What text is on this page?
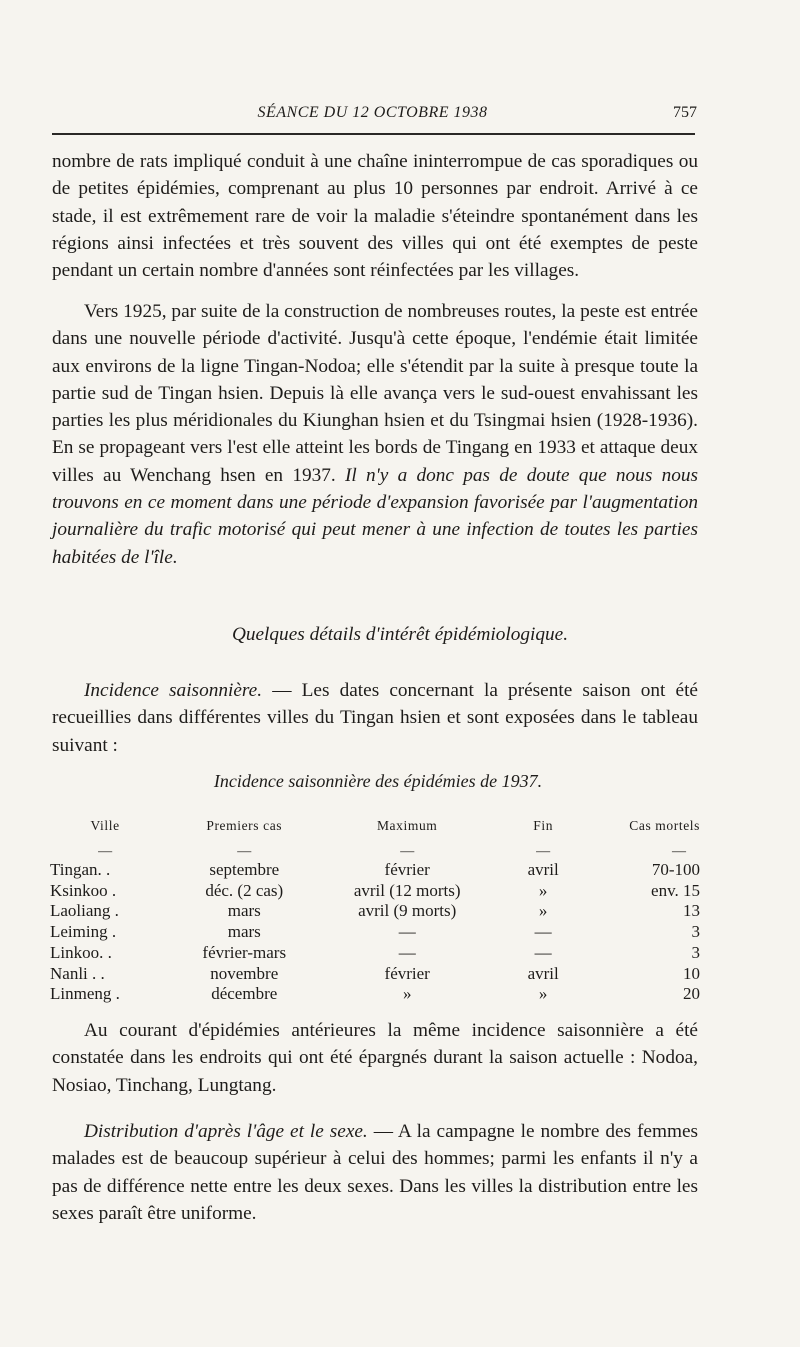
SÉANCE DU 12 OCTOBRE 1938	757
nombre de rats impliqué conduit à une chaîne ininterrompue de cas sporadiques ou de petites épidémies, comprenant au plus 10 personnes par endroit. Arrivé à ce stade, il est extrêmement rare de voir la maladie s'éteindre spontanément dans les régions ainsi infectées et très souvent des villes qui ont été exemptes de peste pendant un certain nombre d'années sont réinfectées par les villages.
Vers 1925, par suite de la construction de nombreuses routes, la peste est entrée dans une nouvelle période d'activité. Jusqu'à cette époque, l'endémie était limitée aux environs de la ligne Tingan-Nodoa; elle s'étendit par la suite à presque toute la partie sud de Tingan hsien. Depuis là elle avança vers le sud-ouest envahissant les parties les plus méridionales du Kiunghan hsien et du Tsingmai hsien (1928-1936). En se propageant vers l'est elle atteint les bords de Tingang en 1933 et attaque deux villes au Wenchang hsen en 1937. Il n'y a donc pas de doute que nous nous trouvons en ce moment dans une période d'expansion favorisée par l'augmentation journalière du trafic motorisé qui peut mener à une infection de toutes les parties habitées de l'île.
Quelques détails d'intérêt épidémiologique.
Incidence saisonnière. — Les dates concernant la présente saison ont été recueillies dans différentes villes du Tingan hsien et sont exposées dans le tableau suivant :
Incidence saisonnière des épidémies de 1937.
Ville	Premiers cas	Maximum	Fin	Cas mortels
—	—	—	—	—
Tingan. .	septembre	février	avril	70-100
Ksinkoo .	déc. (2 cas)	avril (12 morts)	»	env. 15
Laoliang .	mars	avril (9 morts)	»	13
Leiming .	mars	—	—	3
Linkoo. .	février-mars	—	—	3
Nanli . .	novembre	février	avril	10
Linmeng .	décembre	»	»	20
Au courant d'épidémies antérieures la même incidence saisonnière a été constatée dans les endroits qui ont été épargnés durant la saison actuelle : Nodoa, Nosiao, Tinchang, Lungtang.
Distribution d'après l'âge et le sexe. — A la campagne le nombre des femmes malades est de beaucoup supérieur à celui des hommes; parmi les enfants il n'y a pas de différence nette entre les deux sexes. Dans les villes la distribution entre les sexes paraît être uniforme.
